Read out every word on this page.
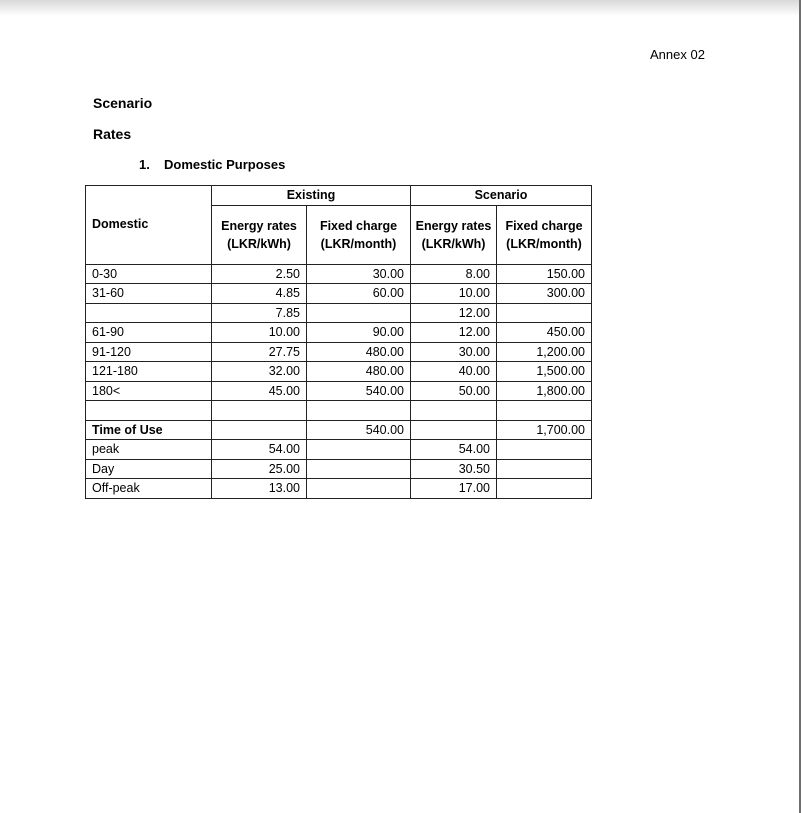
Annex 02
Scenario
Rates
1. Domestic Purposes
Domestic	Existing		Scenario	
	Energy rates (LKR/kWh)	Fixed charge (LKR/month)	Energy rates (LKR/kWh)	Fixed charge (LKR/month)
0-30	2.50	30.00	8.00	150.00
31-60	4.85	60.00	10.00	300.00
	7.85		12.00	
61-90	10.00	90.00	12.00	450.00
91-120	27.75	480.00	30.00	1,200.00
121-180	32.00	480.00	40.00	1,500.00
180<	45.00	540.00	50.00	1,800.00

Time of Use		540.00		1,700.00
peak	54.00		54.00	
Day	25.00		30.50	
Off-peak	13.00		17.00	
